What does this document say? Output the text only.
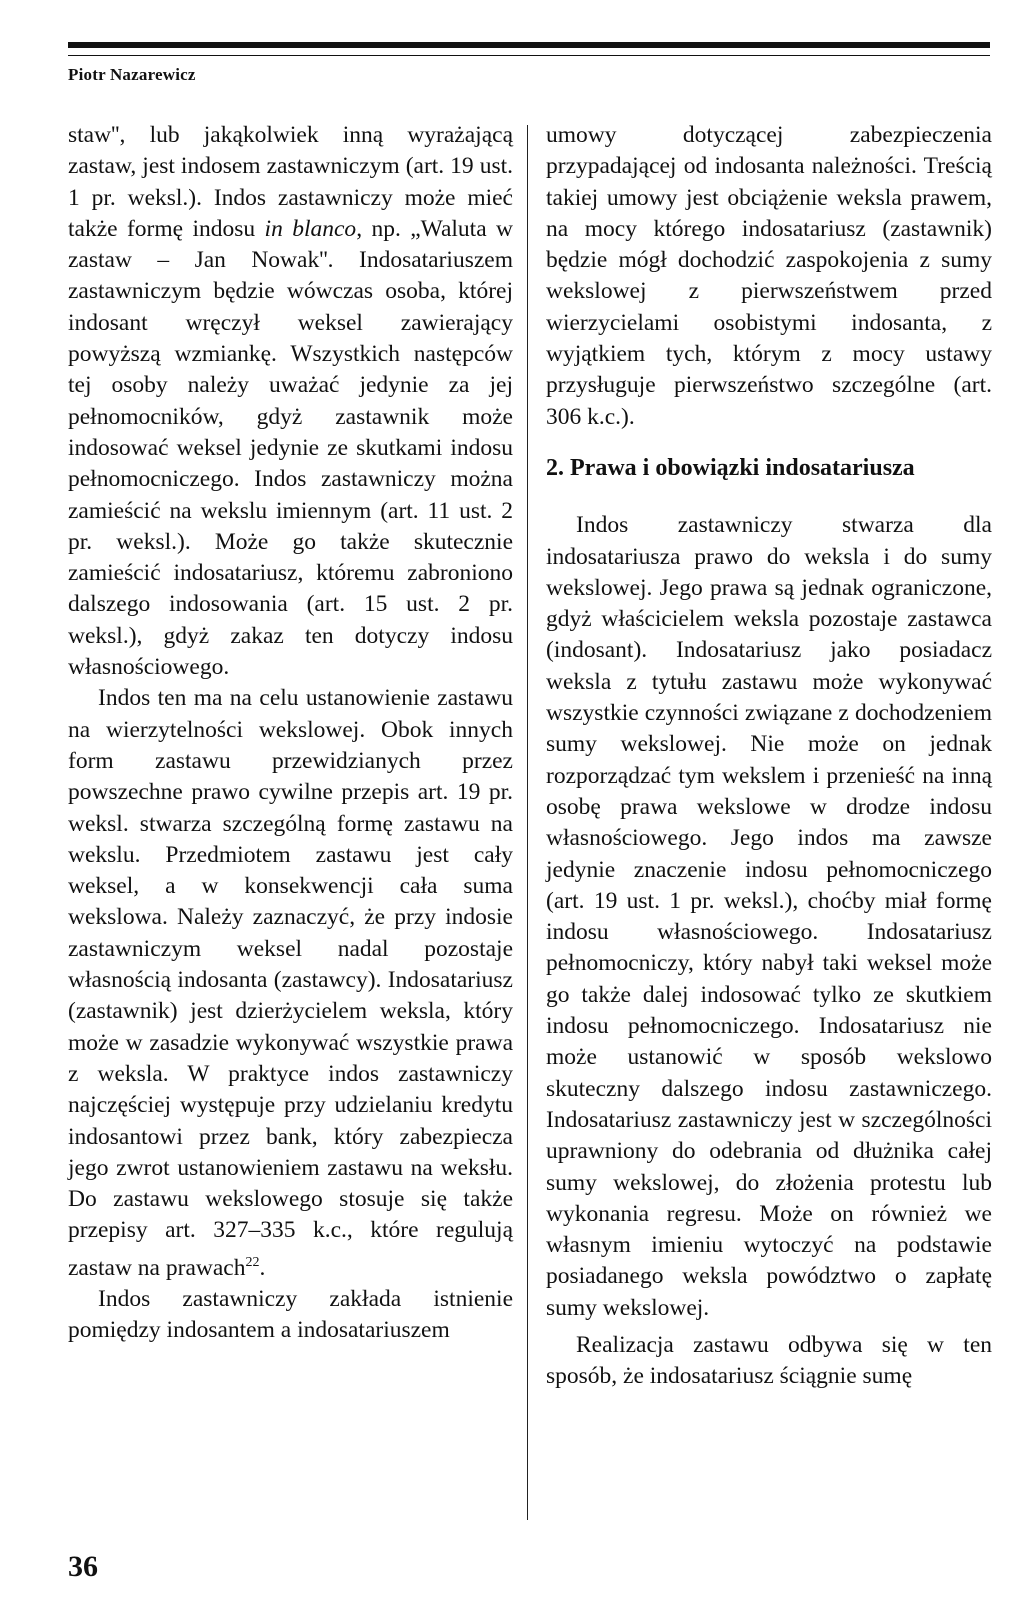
Piotr Nazarewicz

staw'', lub jakąkolwiek inną wyrażającą zastaw, jest indosem zastawniczym (art. 19 ust. 1 pr. weksl.). Indos zastawniczy może mieć także formę indosu in blanco, np. „Waluta w zastaw – Jan Nowak''. Indosatariuszem zastawniczym będzie wówczas osoba, której indosant wręczył weksel zawierający powyższą wzmiankę. Wszystkich następców tej osoby należy uważać jedynie za jej pełnomocników, gdyż zastawnik może indosować weksel jedynie ze skutkami indosu pełnomocniczego. Indos zastawniczy można zamieścić na wekslu imiennym (art. 11 ust. 2 pr. weksl.). Może go także skutecznie zamieścić indosatariusz, któremu zabroniono dalszego indosowania (art. 15 ust. 2 pr. weksl.), gdyż zakaz ten dotyczy indosu własnościowego.

Indos ten ma na celu ustanowienie zastawu na wierzytelności wekslowej. Obok innych form zastawu przewidzianych przez powszechne prawo cywilne przepis art. 19 pr. weksl. stwarza szczególną formę zastawu na wekslu. Przedmiotem zastawu jest cały weksel, a w konsekwencji cała suma wekslowa. Należy zaznaczyć, że przy indosie zastawniczym weksel nadal pozostaje własnością indosanta (zastawcy). Indosatariusz (zastawnik) jest dzierżycielem weksla, który może w zasadzie wykonywać wszystkie prawa z weksla. W praktyce indos zastawniczy najczęściej występuje przy udzielaniu kredytu indosantowi przez bank, który zabezpiecza jego zwrot ustanowieniem zastawu na weksłu. Do zastawu wekslowego stosuje się także przepisy art. 327–335 k.c., które regulują zastaw na prawach$^{22}$.

Indos zastawniczy zakłada istnienie pomiędzy indosantem a indosatariuszem

umowy dotyczącej zabezpieczenia przypadającej od indosanta należności. Treścią takiej umowy jest obciążenie weksla prawem, na mocy którego indosatariusz (zastawnik) będzie mógł dochodzić zaspokojenia z sumy wekslowej z pierwszeństwem przed wierzycielami osobistymi indosanta, z wyjątkiem tych, którym z mocy ustawy przysługuje pierwszeństwo szczególne (art. 306 k.c.).

2. Prawa i obowiązki indosatariusza

Indos zastawniczy stwarza dla indosatariusza prawo do weksla i do sumy wekslowej. Jego prawa są jednak ograniczone, gdyż właścicielem weksla pozostaje zastawca (indosant). Indosatariusz jako posiadacz weksla z tytułu zastawu może wykonywać wszystkie czynności związane z dochodzeniem sumy wekslowej. Nie może on jednak rozporządzać tym wekslem i przenieść na inną osobę prawa wekslowe w drodze indosu własnościowego. Jego indos ma zawsze jedynie znaczenie indosu pełnomocniczego (art. 19 ust. 1 pr. weksl.), choćby miał formę indosu własnościowego. Indosatariusz pełnomocniczy, który nabył taki weksel może go także dalej indosować tylko ze skutkiem indosu pełnomocniczego. Indosatariusz nie może ustanowić w sposób wekslowo skuteczny dalszego indosu zastawniczego. Indosatariusz zastawniczy jest w szczególności uprawniony do odebrania od dłużnika całej sumy wekslowej, do złożenia protestu lub wykonania regresu. Może on również we własnym imieniu wytoczyć na podstawie posiadanego weksla powództwo o zapłatę sumy wekslowej.

Realizacja zastawu odbywa się w ten sposób, że indosatariusz ściągnie sumę

36
